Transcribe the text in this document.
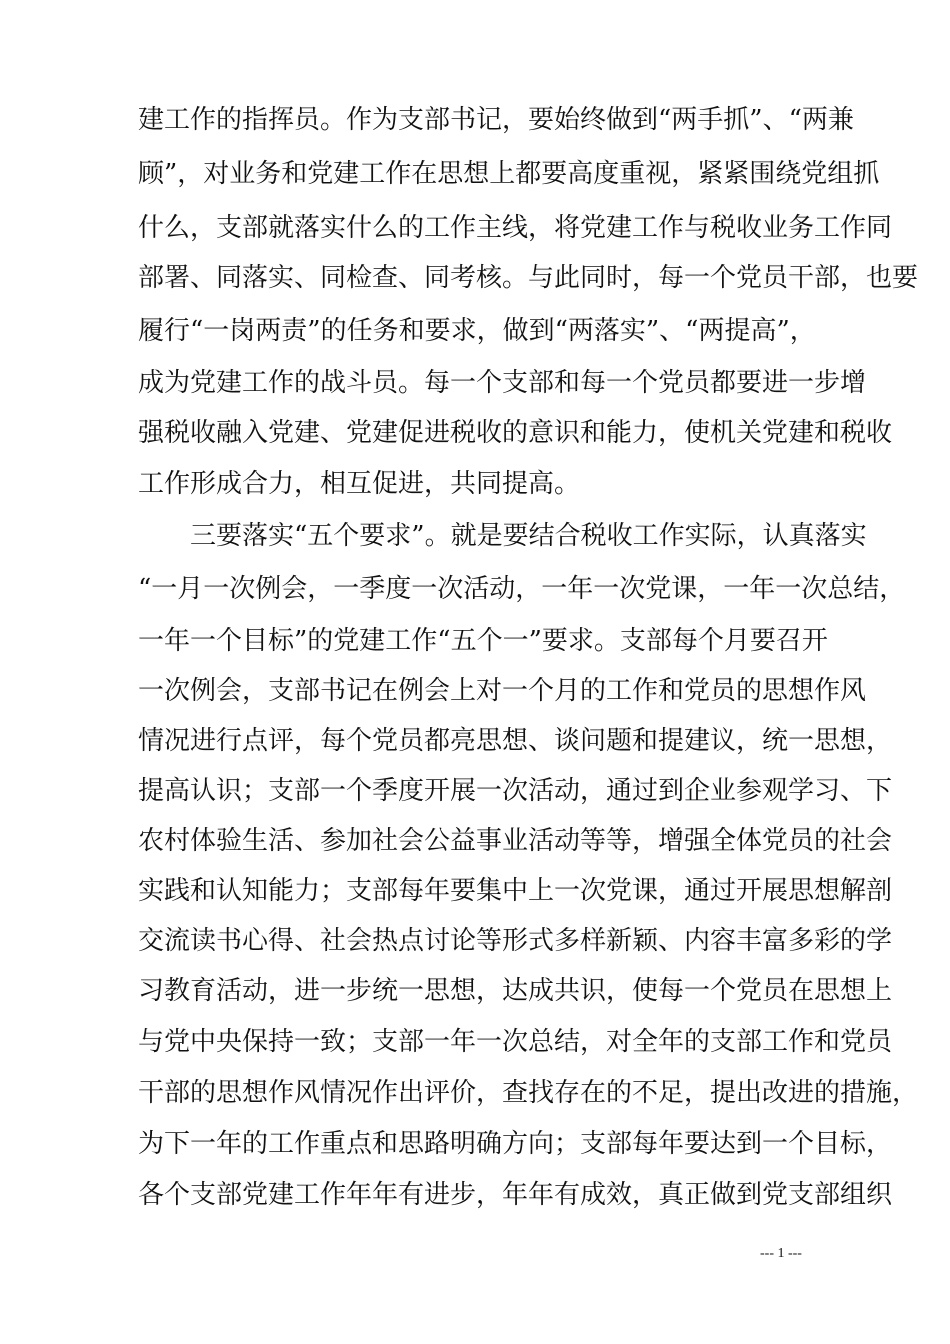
建工作的指挥员。作为支部书记，要始终做到“两手抓”、“两兼
顾”，对业务和党建工作在思想上都要高度重视，紧紧围绕党组抓
什么，支部就落实什么的工作主线，将党建工作与税收业务工作同
部署、同落实、同检查、同考核。与此同时，每一个党员干部，也要
履行“一岗两责”的任务和要求，做到“两落实”、“两提高”，
成为党建工作的战斗员。每一个支部和每一个党员都要进一步增
强税收融入党建、党建促进税收的意识和能力，使机关党建和税收
工作形成合力，相互促进，共同提高。
　　三要落实“五个要求”。就是要结合税收工作实际，认真落实
“一月一次例会，一季度一次活动，一年一次党课，一年一次总结，
一年一个目标”的党建工作“五个一”要求。支部每个月要召开
一次例会，支部书记在例会上对一个月的工作和党员的思想作风
情况进行点评，每个党员都亮思想、谈问题和提建议，统一思想，
提高认识；支部一个季度开展一次活动，通过到企业参观学习、下
农村体验生活、参加社会公益事业活动等等，增强全体党员的社会
实践和认知能力；支部每年要集中上一次党课，通过开展思想解剖
交流读书心得、社会热点讨论等形式多样新颖、内容丰富多彩的学
习教育活动，进一步统一思想，达成共识，使每一个党员在思想上
与党中央保持一致；支部一年一次总结，对全年的支部工作和党员
干部的思想作风情况作出评价，查找存在的不足，提出改进的措施，
为下一年的工作重点和思路明确方向；支部每年要达到一个目标，
各个支部党建工作年年有进步，年年有成效，真正做到党支部组织
--- 1 ---
